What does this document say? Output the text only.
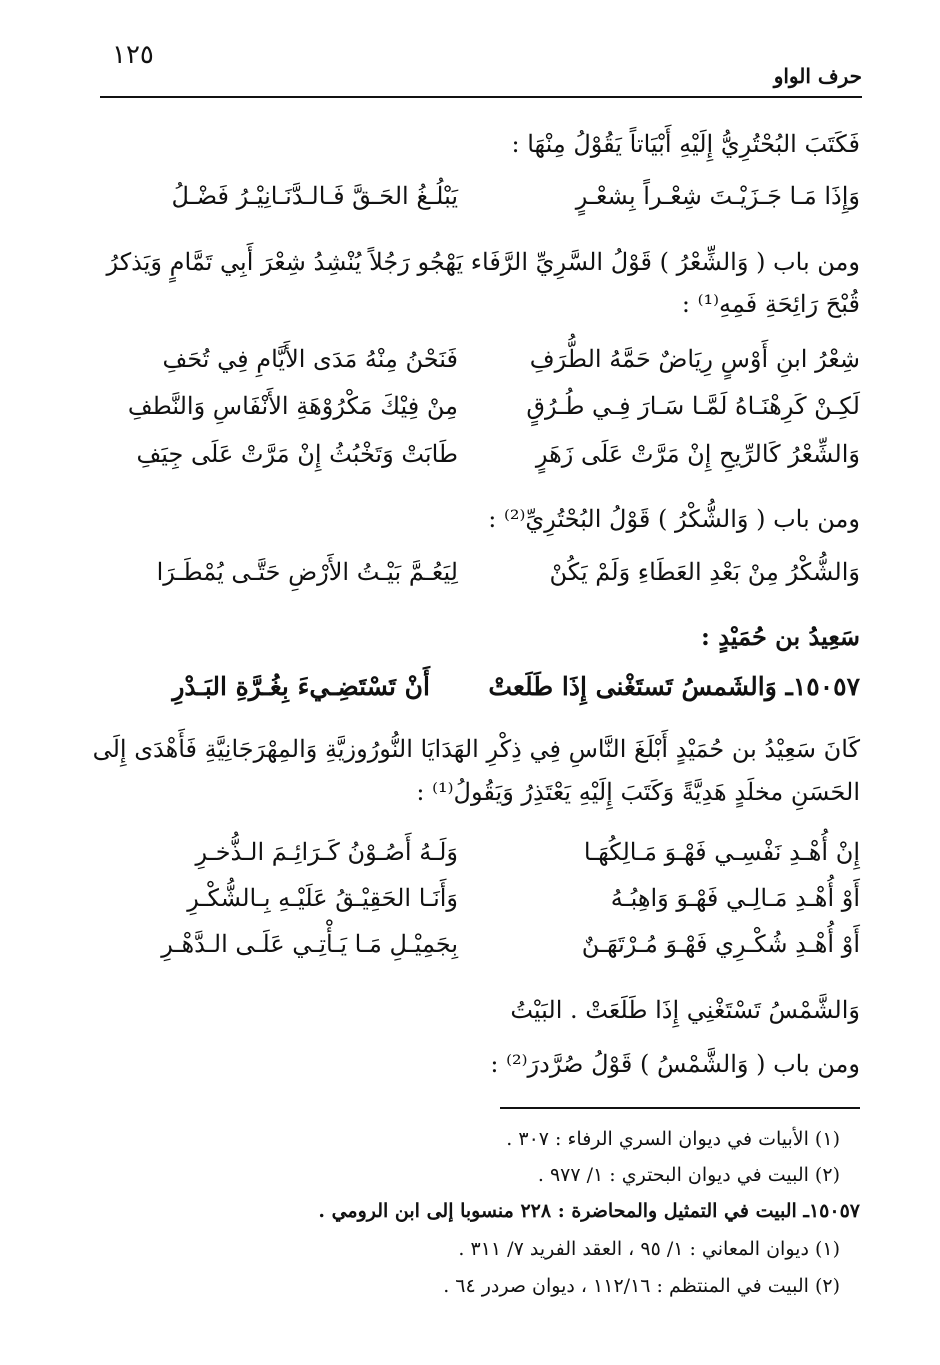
١٢٥
حرف الواو
فَكَتَبَ البُحْتُرِيُّ إِلَيْهِ أَبْيَاتاً يَقُوْلُ مِنْهَا :
وَإِذَا مَـا جَـزَيْـتَ شِعْـراً بِشعْـرٍ
يَبْلُـغُ الحَـقَّ فَـالـدَّنَـانِيْـرُ فَضْـلُ
ومن باب ( وَالشِّعْرُ ) قَوْلُ السَّرِيِّ الرَّفَاء يَهْجُو رَجُلاً يُنْشِدُ شِعْرَ أَبِي تَمَّامٍ وَيَذكرُ
قُبْحَ رَائِحَةِ فَمِهِ⁽¹⁾ :
شِعْرُ ابنِ أَوْسٍ رِيَاضٌ حَمَّهُ الطُّرَفِ
فَنَحْنُ مِنْهُ مَدَى الأَيَّامِ فِي تُحَفِ
لَكِـنْ كَرِهْنَـاهُ لَمَّـا سَـارَ فِـي طُـرُقٍ
مِنْ فِيْكَ مَكْرُوْهَةِ الأَنْفَاسِ وَالنَّطفِ
وَالشِّعْرُ كَالرِّيحِ إِنْ مَرَّتْ عَلَى زَهَرٍ
طَابَتْ وَتَخْبُثُ إِنْ مَرَّتْ عَلَى جِيَفِ
ومن باب ( وَالشُّكْرُ ) قَوْلُ البُحْتُرِيِّ⁽²⁾ :
وَالشُّكْرُ مِنْ بَعْدِ العَطَاءِ وَلَمْ يَكُنْ
لِيَعُـمَّ بَيْـتُ الأَرْضِ حَتَّـى يُمْطَـرَا
سَعِيدُ بن حُمَيْدٍ :
١٥٠٥٧ـ وَالشَمسُ تَستَغْنى إِذَا طَلَعتْ
أَنْ تَسْتَضِـيءَ بِغُـرَّةِ البَـدْرِ
كَانَ سَعِيْدُ بن حُمَيْدٍ أَبْلَغَ النَّاسِ فِي ذِكْرِ الهَدَايَا النُّورُوزيَّةِ وَالمِهْرَجَانِيَّةِ فَأَهْدَى إِلَى
الحَسَنِ مخلَدٍ هَدِيَّةً وَكَتَبَ إِلَيْهِ يَعْتَذِرُ وَيَقُولُ⁽¹⁾ :
إِنْ أُهْـدِ نَفْسِـي فَهْـوَ مَـالِكُهَـا
وَلَـهُ أَصُـوْنُ كَـرَائِـمَ الـذُّخـرِ
أَوْ أُهْـدِ مَـالِـي فَهْـوَ وَاهِبُـهُ
وَأَنَـا الحَقِيْـقُ عَلَيْـهِ بِـالشُّكْـرِ
أَوْ أُهْـدِ شُكْـرِي فَهْـوَ مُـرْتَهَـنٌ
بِجَمِيْـلِ مَـا يَـأْتِـي عَلَـى الـدَّهْـرِ
وَالشَّمْسُ تَسْتَغْنِي إِذَا طَلَعَتْ . البَيْتُ
ومن باب ( وَالشَّمْسُ ) قَوْلُ صُرَّدرَ⁽²⁾ :
(١) الأبيات في ديوان السري الرفاء : ٣٠٧ .
(٢) البيت في ديوان البحتري : ١/ ٩٧٧ .
١٥٠٥٧ـ البيت في التمثيل والمحاضرة : ٢٢٨ منسوبا إلى ابن الرومي .
(١) ديوان المعاني : ١/ ٩٥ ، العقد الفريد ٧/ ٣١١ .
(٢) البيت في المنتظم : ١١٢/١٦ ، ديوان صردر ٦٤ .
